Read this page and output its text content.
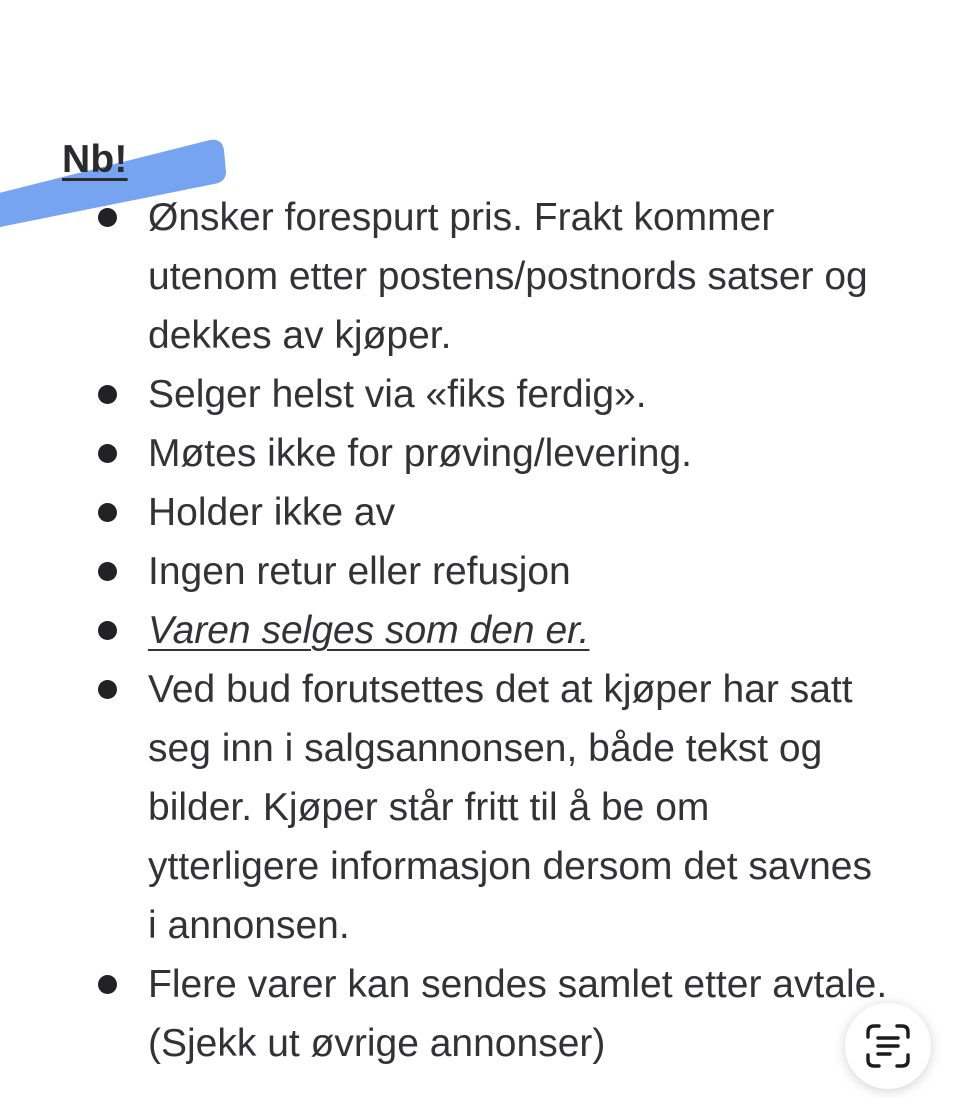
Nb!
Ønsker forespurt pris. Frakt kommer utenom etter postens/postnords satser og dekkes av kjøper.
Selger helst via «fiks ferdig».
Møtes ikke for prøving/levering.
Holder ikke av
Ingen retur eller refusjon
Varen selges som den er.
Ved bud forutsettes det at kjøper har satt seg inn i salgsannonsen, både tekst og bilder. Kjøper står fritt til å be om ytterligere informasjon dersom det savnes i annonsen.
Flere varer kan sendes samlet etter avtale. (Sjekk ut øvrige annonser)
